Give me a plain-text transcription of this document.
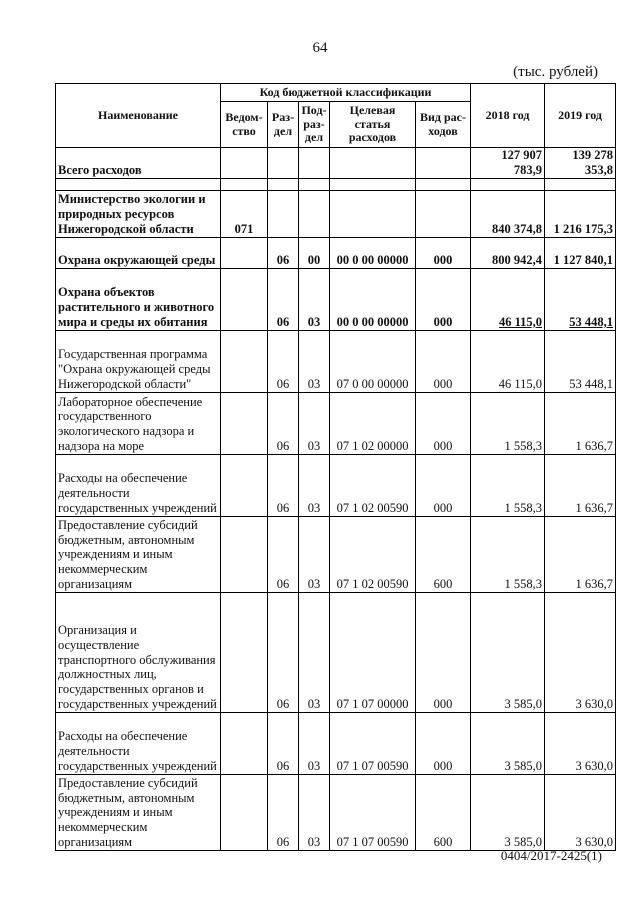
64
(тыс. рублей)
Наименование	Код бюджетной классификации					2018 год	2019 год
	Ведом-ство	Раз-дел	Под-раз-дел	Целевая статья расходов	Вид рас-ходов		
Всего расходов						127 907 783,9	139 278 353,8

Министерство экологии и природных ресурсов Нижегородской области	071					840 374,8	1 216 175,3
Охрана окружающей среды		06	00	00 0 00 00000	000	800 942,4	1 127 840,1
Охрана объектов растительного и животного мира и среды их обитания		06	03	00 0 00 00000	000	46 115,0	53 448,1
Государственная программа "Охрана окружающей среды Нижегородской области"		06	03	07 0 00 00000	000	46 115,0	53 448,1
Лабораторное обеспечение государственного экологического надзора и надзора на море		06	03	07 1 02 00000	000	1 558,3	1 636,7
Расходы на обеспечение деятельности государственных учреждений		06	03	07 1 02 00590	000	1 558,3	1 636,7
Предоставление субсидий бюджетным, автономным учреждениям и иным некоммерческим организациям		06	03	07 1 02 00590	600	1 558,3	1 636,7
Организация и осуществление транспортного обслуживания должностных лиц, государственных органов и государственных учреждений		06	03	07 1 07 00000	000	3 585,0	3 630,0
Расходы на обеспечение деятельности государственных учреждений		06	03	07 1 07 00590	000	3 585,0	3 630,0
Предоставление субсидий бюджетным, автономным учреждениям и иным некоммерческим организациям		06	03	07 1 07 00590	600	3 585,0	3 630,0
0404/2017-2425(1)
